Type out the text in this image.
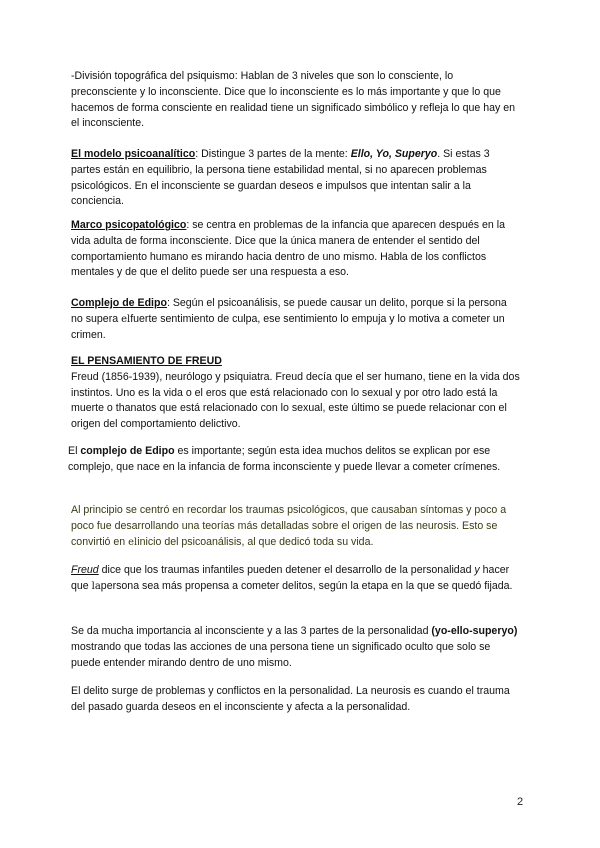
-División topográfica del psiquismo: Hablan de 3 niveles que son lo consciente, lo preconsciente y lo inconsciente. Dice que lo inconsciente es lo más importante y que lo que hacemos de forma consciente en realidad tiene un significado simbólico y refleja lo que hay en el inconsciente.

El modelo psicoanalítico: Distingue 3 partes de la mente: Ello, Yo, Superyo. Si estas 3 partes están en equilibrio, la persona tiene estabilidad mental, si no aparecen problemas psicológicos. En el inconsciente se guardan deseos e impulsos que intentan salir a la conciencia.

Marco psicopatológico: se centra en problemas de la infancia que aparecen después en la vida adulta de forma inconsciente. Dice que la única manera de entender el sentido del comportamiento humano es mirando hacia dentro de uno mismo. Habla de los conflictos mentales y de que el delito puede ser una respuesta a eso.

Complejo de Edipo: Según el psicoanálisis, se puede causar un delito, porque si la persona no supera elfuerte sentimiento de culpa, ese sentimiento lo empuja y lo motiva a cometer un crimen.

EL PENSAMIENTO DE FREUD
Freud (1856-1939), neurólogo y psiquiatra. Freud decía que el ser humano, tiene en la vida dos instintos. Uno es la vida o el eros que está relacionado con lo sexual y por otro lado está la muerte o thanatos que está relacionado con lo sexual, este último se puede relacionar con el origen del comportamiento delictivo.

El complejo de Edipo es importante; según esta idea muchos delitos se explican por ese complejo, que nace en la infancia de forma inconsciente y puede llevar a cometer crímenes.

Al principio se centró en recordar los traumas psicológicos, que causaban síntomas y poco a poco fue desarrollando una teorías más detalladas sobre el origen de las neurosis. Esto se convirtió en elinicio del psicoanálisis, al que dedicó toda su vida.

Freud dice que los traumas infantiles pueden detener el desarrollo de la personalidad y hacer que lapersona sea más propensa a cometer delitos, según la etapa en la que se quedó fijada.

Se da mucha importancia al inconsciente y a las 3 partes de la personalidad (yo-ello-superyo) mostrando que todas las acciones de una persona tiene un significado oculto que solo se puede entender mirando dentro de uno mismo.

El delito surge de problemas y conflictos en la personalidad. La neurosis es cuando el trauma del pasado guarda deseos en el inconsciente y afecta a la personalidad.

2
